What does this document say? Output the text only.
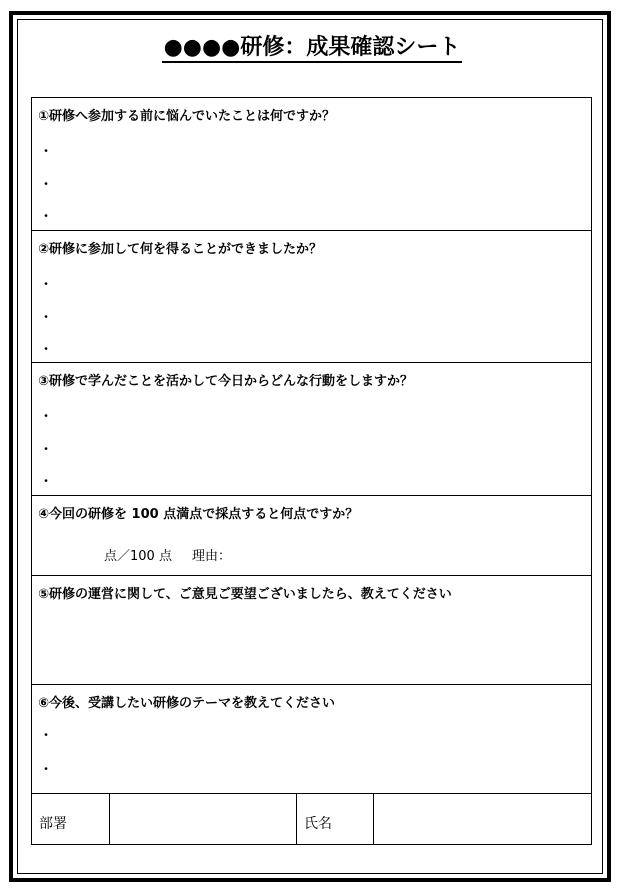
●●●●研修：成果確認シート
①研修へ参加する前に悩んでいたことは何ですか？
・
・
・
②研修に参加して何を得ることができましたか？
・
・
・
③研修で学んだことを活かして今日からどんな行動をしますか？
・
・
・
④今回の研修を 100 点満点で採点すると何点ですか？
点／100 点 理由：
⑤研修の運営に関して、ご意見ご要望ございましたら、教えてください
⑥今後、受講したい研修のテーマを教えてください
・
・
部署	氏名
